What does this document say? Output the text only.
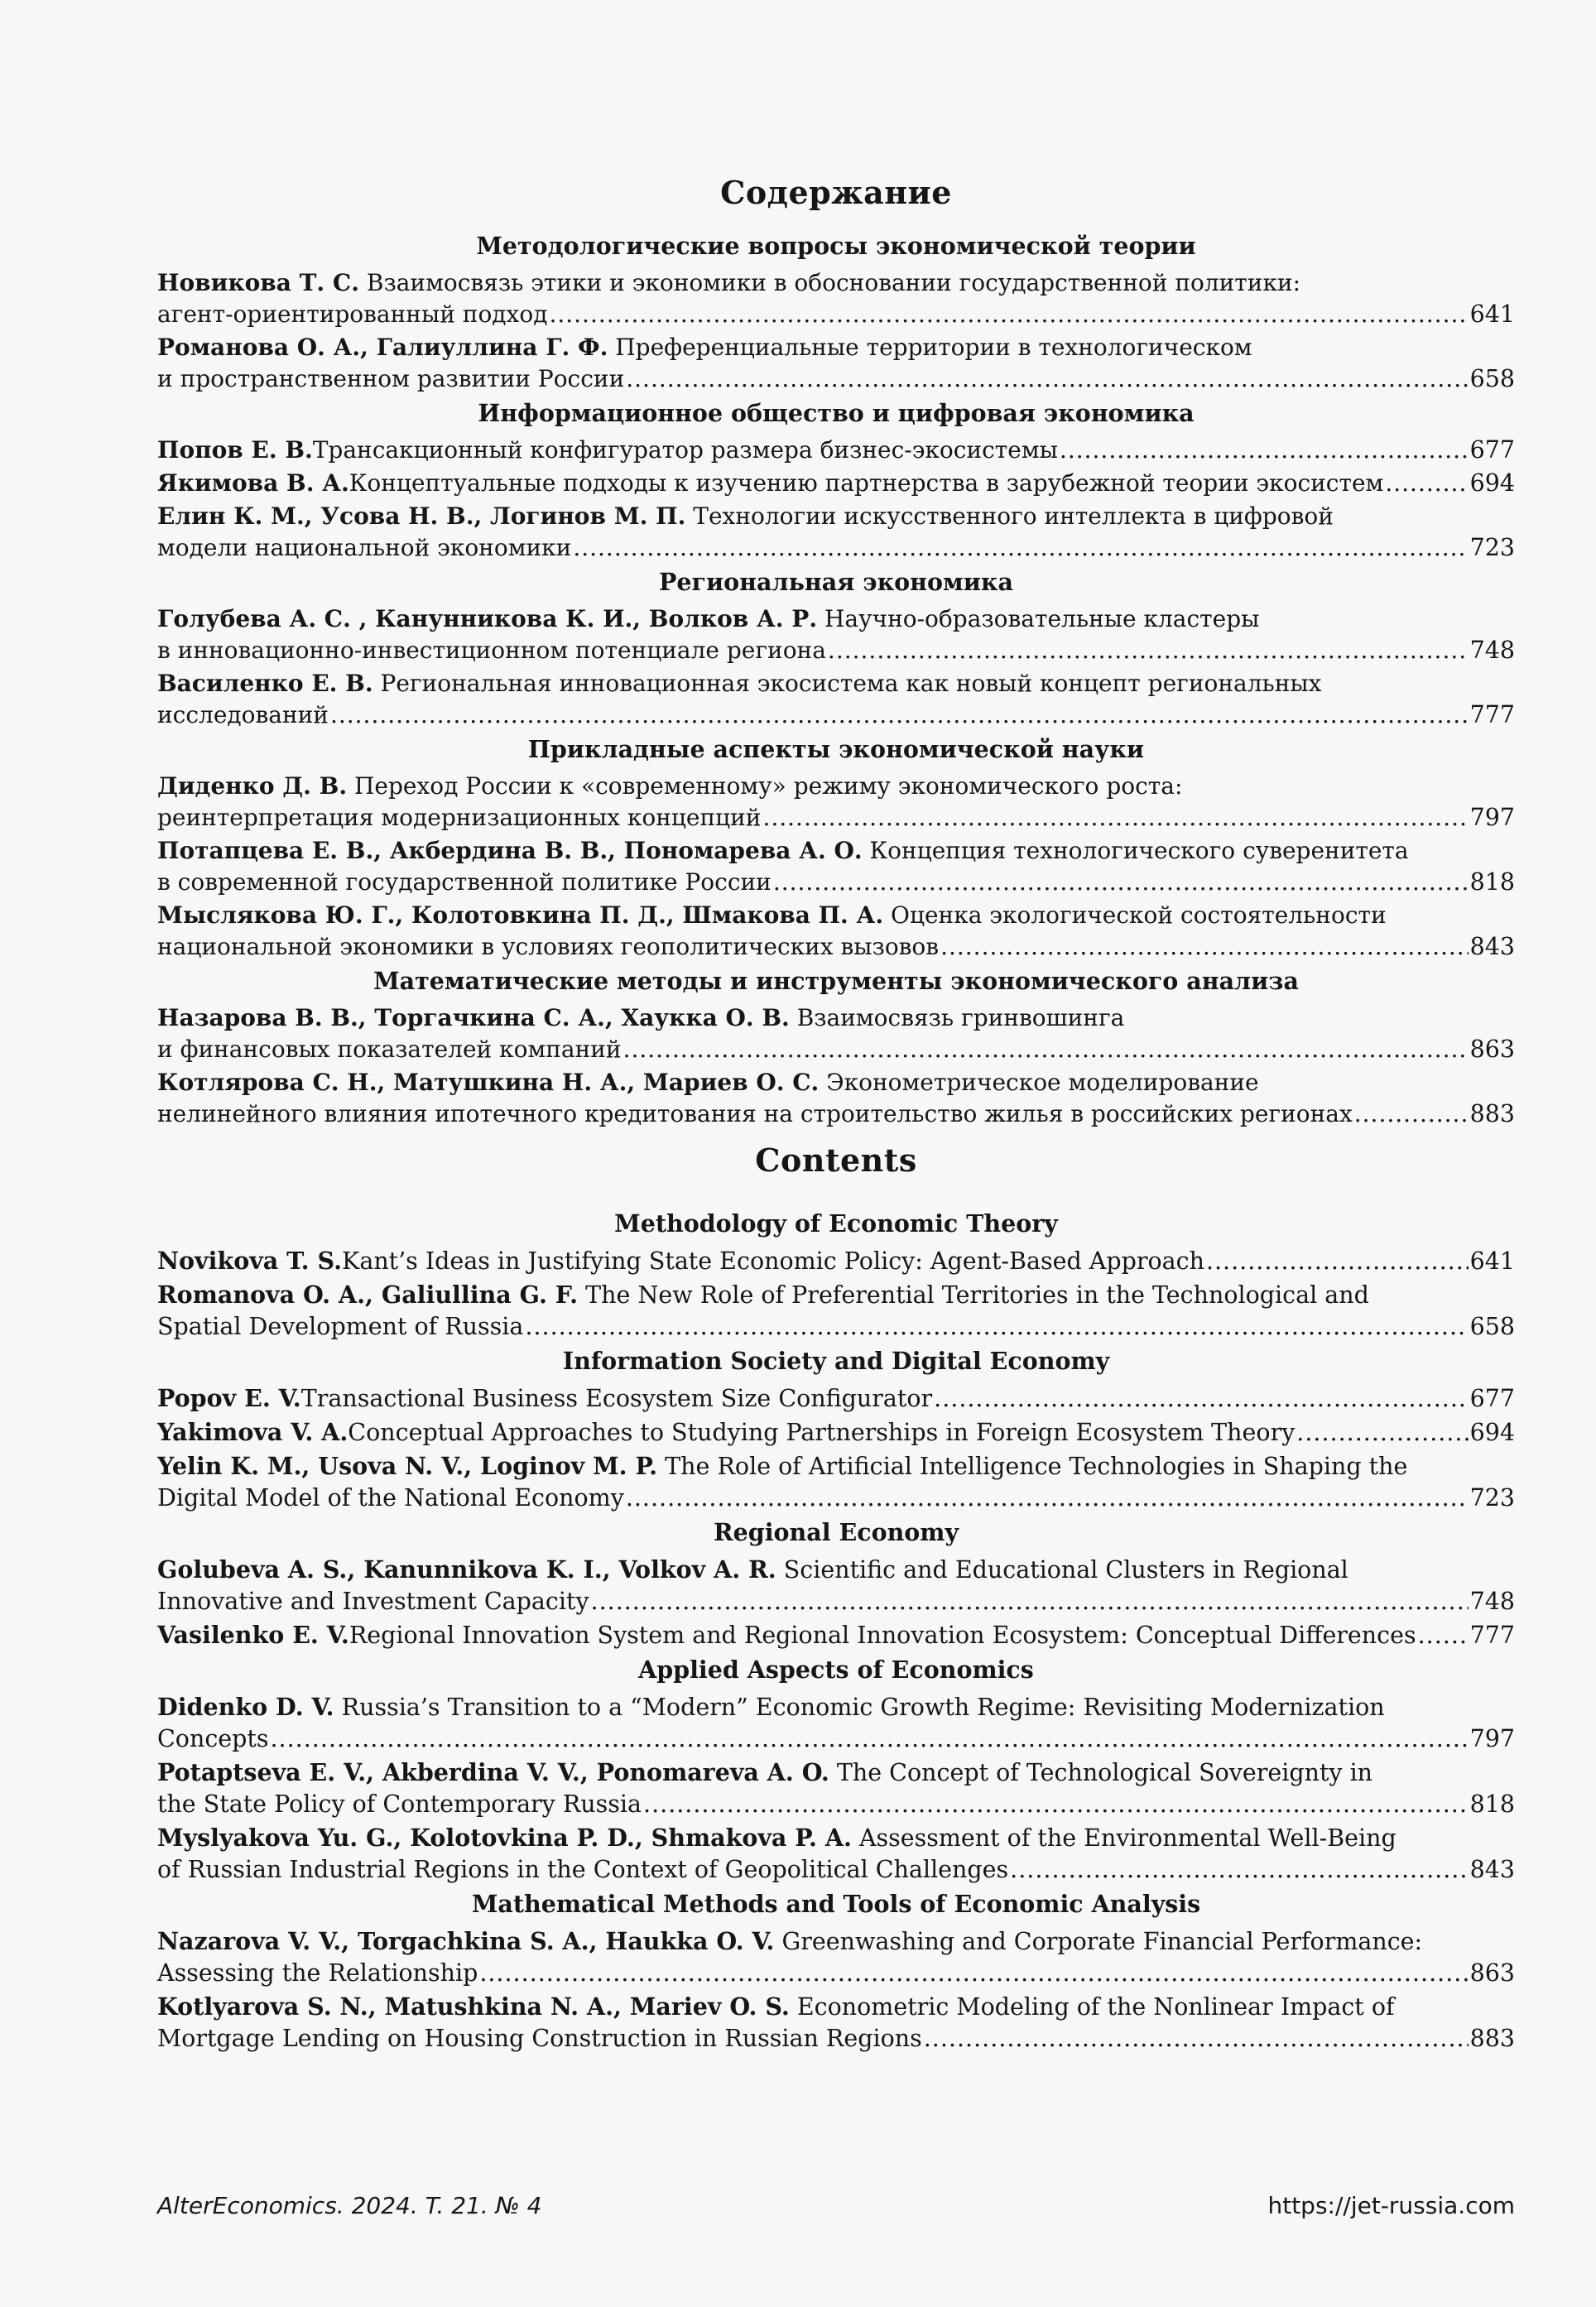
Содержание
Методологические вопросы экономической теории
Новикова Т. С. Взаимосвязь этики и экономики в обосновании государственной политики:
агент-ориентированный подход .....	641
Романова О. А., Галиуллина Г. Ф. Преференциальные территории в технологическом
и пространственном развитии России .....	658
Информационное общество и цифровая экономика
Попов Е. В. Трансакционный конфигуратор размера бизнес-экосистемы .....	677
Якимова В. А. Концептуальные подходы к изучению партнерства в зарубежной теории экосистем .....	694
Елин К. М., Усова Н. В., Логинов М. П. Технологии искусственного интеллекта в цифровой
модели национальной экономики .....	723
Региональная экономика
Голубева А. С. , Канунникова К. И., Волков А. Р. Научно-образовательные кластеры
в инновационно-инвестиционном потенциале региона .....	748
Василенко Е. В. Региональная инновационная экосистема как новый концепт региональных
исследований .....	777
Прикладные аспекты экономической науки
Диденко Д. В. Переход России к «современному» режиму экономического роста:
реинтерпретация модернизационных концепций .....	797
Потапцева Е. В., Акбердина В. В., Пономарева А. О. Концепция технологического суверенитета
в современной государственной политике России .....	818
Мыслякова Ю. Г., Колотовкина П. Д., Шмакова П. А. Оценка экологической состоятельности
национальной экономики в условиях геополитических вызовов .....	843
Математические методы и инструменты экономического анализа
Назарова В. В., Торгачкина С. А., Хаукка О. В. Взаимосвязь гринвошинга
и финансовых показателей компаний .....	863
Котлярова С. Н., Матушкина Н. А., Мариев О. С. Эконометрическое моделирование
нелинейного влияния ипотечного кредитования на строительство жилья в российских регионах .....	883
Contents
Methodology of Economic Theory
Novikova T. S. Kant’s Ideas in Justifying State Economic Policy: Agent-Based Approach .....	641
Romanova O. A., Galiullina G. F. The New Role of Preferential Territories in the Technological and
Spatial Development of Russia .....	658
Information Society and Digital Economy
Popov E. V. Transactional Business Ecosystem Size Configurator .....	677
Yakimova V. A. Conceptual Approaches to Studying Partnerships in Foreign Ecosystem Theory .....	694
Yelin K. M., Usova N. V., Loginov M. P. The Role of Artificial Intelligence Technologies in Shaping the
Digital Model of the National Economy .....	723
Regional Economy
Golubeva A. S., Kanunnikova K. I., Volkov A. R. Scientific and Educational Clusters in Regional
Innovative and Investment Capacity .....	748
Vasilenko E. V. Regional Innovation System and Regional Innovation Ecosystem: Conceptual Differences ..... 777
Applied Aspects of Economics
Didenko D. V. Russia’s Transition to a “Modern” Economic Growth Regime: Revisiting Modernization
Concepts .....	797
Potaptseva E. V., Akberdina V. V., Ponomareva A. O. The Concept of Technological Sovereignty in
the State Policy of Contemporary Russia .....	818
Myslyakova Yu. G., Kolotovkina P. D., Shmakova P. A. Assessment of the Environmental Well-Being
of Russian Industrial Regions in the Context of Geopolitical Challenges .....	843
Mathematical Methods and Tools of Economic Analysis
Nazarova V. V., Torgachkina S. A., Haukka O. V. Greenwashing and Corporate Financial Performance:
Assessing the Relationship .....	863
Kotlyarova S. N., Matushkina N. A., Mariev O. S. Econometric Modeling of the Nonlinear Impact of
Mortgage Lending on Housing Construction in Russian Regions .....	883
AlterEconomics. 2024. T. 21. № 4	https://jet-russia.com
